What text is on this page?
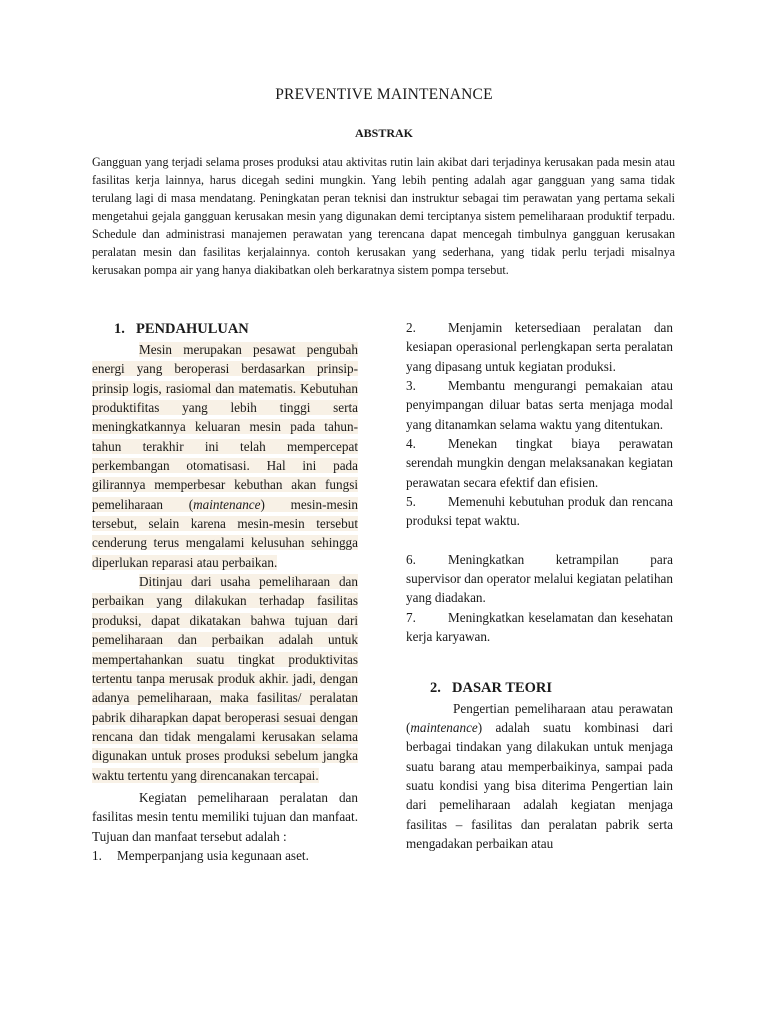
PREVENTIVE MAINTENANCE
ABSTRAK

Gangguan yang terjadi selama proses produksi atau aktivitas rutin lain akibat dari terjadinya kerusakan pada mesin atau fasilitas kerja lainnya, harus dicegah sedini mungkin. Yang lebih penting adalah agar gangguan yang sama tidak terulang lagi di masa mendatang. Peningkatan peran teknisi dan instruktur sebagai tim perawatan yang pertama sekali mengetahui gejala gangguan kerusakan mesin yang digunakan demi terciptanya sistem pemeliharaan produktif terpadu. Schedule dan administrasi manajemen perawatan yang terencana dapat mencegah timbulnya gangguan kerusakan peralatan mesin dan fasilitas kerjalainnya. contoh kerusakan yang sederhana, yang tidak perlu terjadi misalnya kerusakan pompa air yang hanya diakibatkan oleh berkaratnya sistem pompa tersebut.

1. PENDAHULUAN

Mesin merupakan pesawat pengubah energi yang beroperasi berdasarkan prinsip-prinsip logis, rasiomal dan matematis. Kebutuhan produktifitas yang lebih tinggi serta meningkatkannya keluaran mesin pada tahun-tahun terakhir ini telah mempercepat perkembangan otomatisasi. Hal ini pada gilirannya memperbesar kebuthan akan fungsi pemeliharaan (maintenance) mesin-mesin tersebut, selain karena mesin-mesin tersebut cenderung terus mengalami kelusuhan sehingga diperlukan reparasi atau perbaikan.

Ditinjau dari usaha pemeliharaan dan perbaikan yang dilakukan terhadap fasilitas produksi, dapat dikatakan bahwa tujuan dari pemeliharaan dan perbaikan adalah untuk mempertahankan suatu tingkat produktivitas tertentu tanpa merusak produk akhir. jadi, dengan adanya pemeliharaan, maka fasilitas/ peralatan pabrik diharapkan dapat beroperasi sesuai dengan rencana dan tidak mengalami kerusakan selama digunakan untuk proses produksi sebelum jangka waktu tertentu yang direncanakan tercapai.

Kegiatan pemeliharaan peralatan dan fasilitas mesin tentu memiliki tujuan dan manfaat. Tujuan dan manfaat tersebut adalah :

1. Memperpanjang usia kegunaan aset.

2. Menjamin ketersediaan peralatan dan kesiapan operasional perlengkapan serta peralatan yang dipasang untuk kegiatan produksi.

3. Membantu mengurangi pemakaian atau penyimpangan diluar batas serta menjaga modal yang ditanamkan selama waktu yang ditentukan.

4. Menekan tingkat biaya perawatan serendah mungkin dengan melaksanakan kegiatan perawatan secara efektif dan efisien.

5. Memenuhi kebutuhan produk dan rencana produksi tepat waktu.

6. Meningkatkan ketrampilan para supervisor dan operator melalui kegiatan pelatihan yang diadakan.

7. Meningkatkan keselamatan dan kesehatan kerja karyawan.

2. DASAR TEORI

Pengertian pemeliharaan atau perawatan (maintenance) adalah suatu kombinasi dari berbagai tindakan yang dilakukan untuk menjaga suatu barang atau memperbaikinya, sampai pada suatu kondisi yang bisa diterima Pengertian lain dari pemeliharaan adalah kegiatan menjaga fasilitas – fasilitas dan peralatan pabrik serta mengadakan perbaikan atau
